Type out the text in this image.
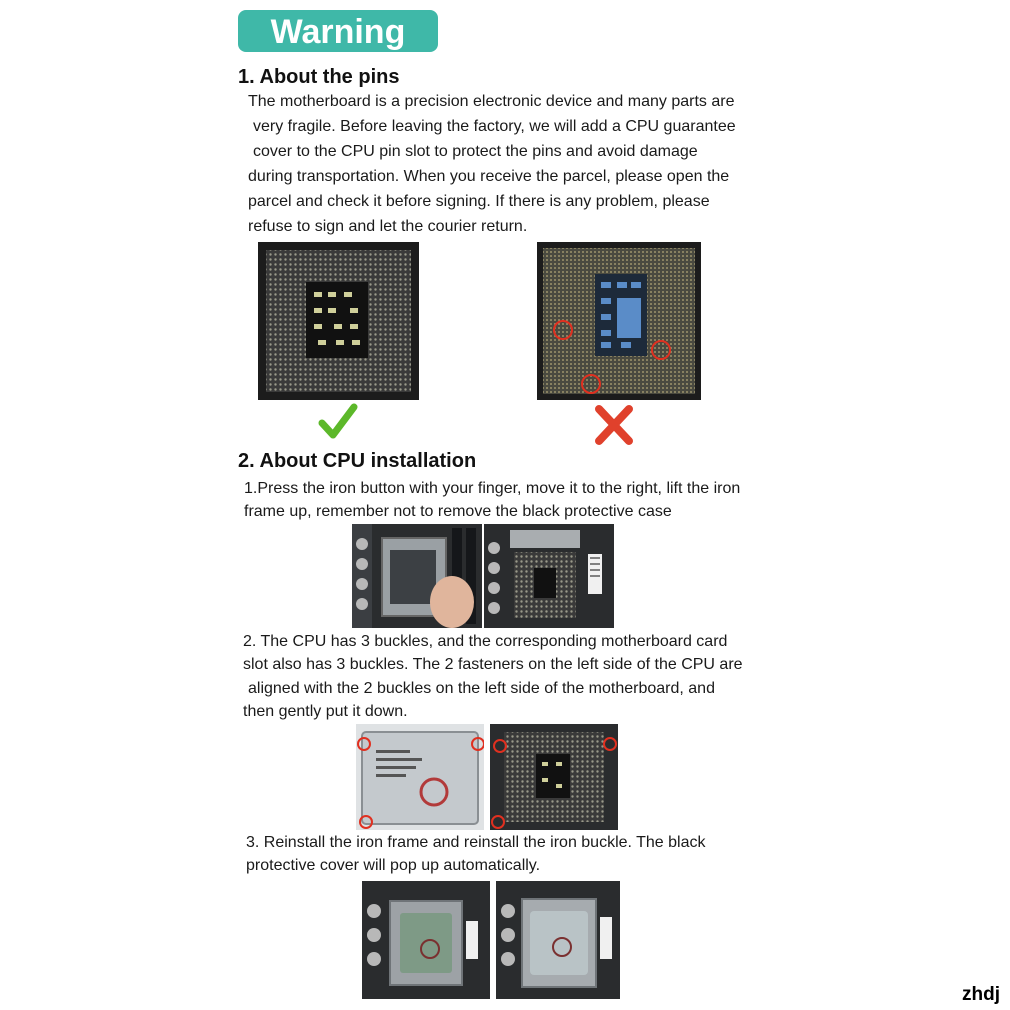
Warning
1. About the pins
The motherboard is a precision electronic device and many parts are
very fragile. Before leaving the factory, we will add a CPU guarantee
cover to the CPU pin slot to protect the pins and avoid damage
during transportation. When you receive the parcel, please open the
parcel and check it before signing. If there is any problem, please
refuse to sign and let the courier return.
2. About CPU installation
1.Press the iron button with your finger, move it to the right, lift the iron
frame up, remember not to remove the black protective case
2. The CPU has 3 buckles, and the corresponding motherboard card
slot also has 3 buckles. The 2 fasteners on the left side of the CPU are
aligned with the 2 buckles on the left side of the motherboard, and
then gently put it down.
3. Reinstall the iron frame and reinstall the iron buckle. The black
protective cover will pop up automatically.
zhdj
